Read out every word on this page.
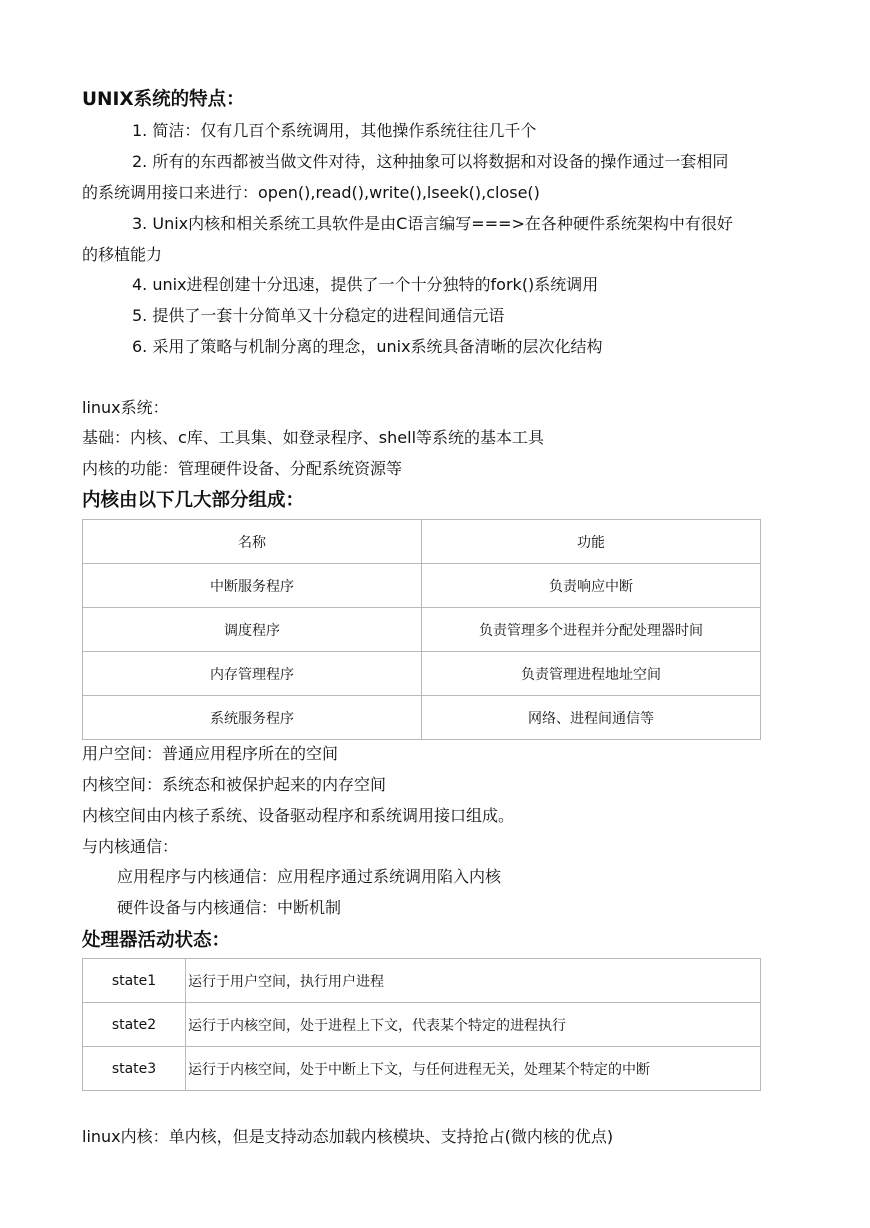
UNIX系统的特点：
1. 简洁：仅有几百个系统调用，其他操作系统往往几千个
2. 所有的东西都被当做文件对待，这种抽象可以将数据和对设备的操作通过一套相同
的系统调用接口来进行：open(),read(),write(),lseek(),close()
3. Unix内核和相关系统工具软件是由C语言编写===>在各种硬件系统架构中有很好
的移植能力
4. unix进程创建十分迅速，提供了一个十分独特的fork()系统调用
5. 提供了一套十分简单又十分稳定的进程间通信元语
6. 采用了策略与机制分离的理念，unix系统具备清晰的层次化结构
linux系统：
基础：内核、c库、工具集、如登录程序、shell等系统的基本工具
内核的功能：管理硬件设备、分配系统资源等
内核由以下几大部分组成：
名称	功能
中断服务程序	负责响应中断
调度程序	负责管理多个进程并分配处理器时间
内存管理程序	负责管理进程地址空间
系统服务程序	网络、进程间通信等
用户空间：普通应用程序所在的空间
内核空间：系统态和被保护起来的内存空间
内核空间由内核子系统、设备驱动程序和系统调用接口组成。
与内核通信：
应用程序与内核通信：应用程序通过系统调用陷入内核
硬件设备与内核通信：中断机制
处理器活动状态：
state1	运行于用户空间，执行用户进程
state2	运行于内核空间，处于进程上下文，代表某个特定的进程执行
state3	运行于内核空间，处于中断上下文，与任何进程无关，处理某个特定的中断
linux内核：单内核，但是支持动态加载内核模块、支持抢占(微内核的优点)
